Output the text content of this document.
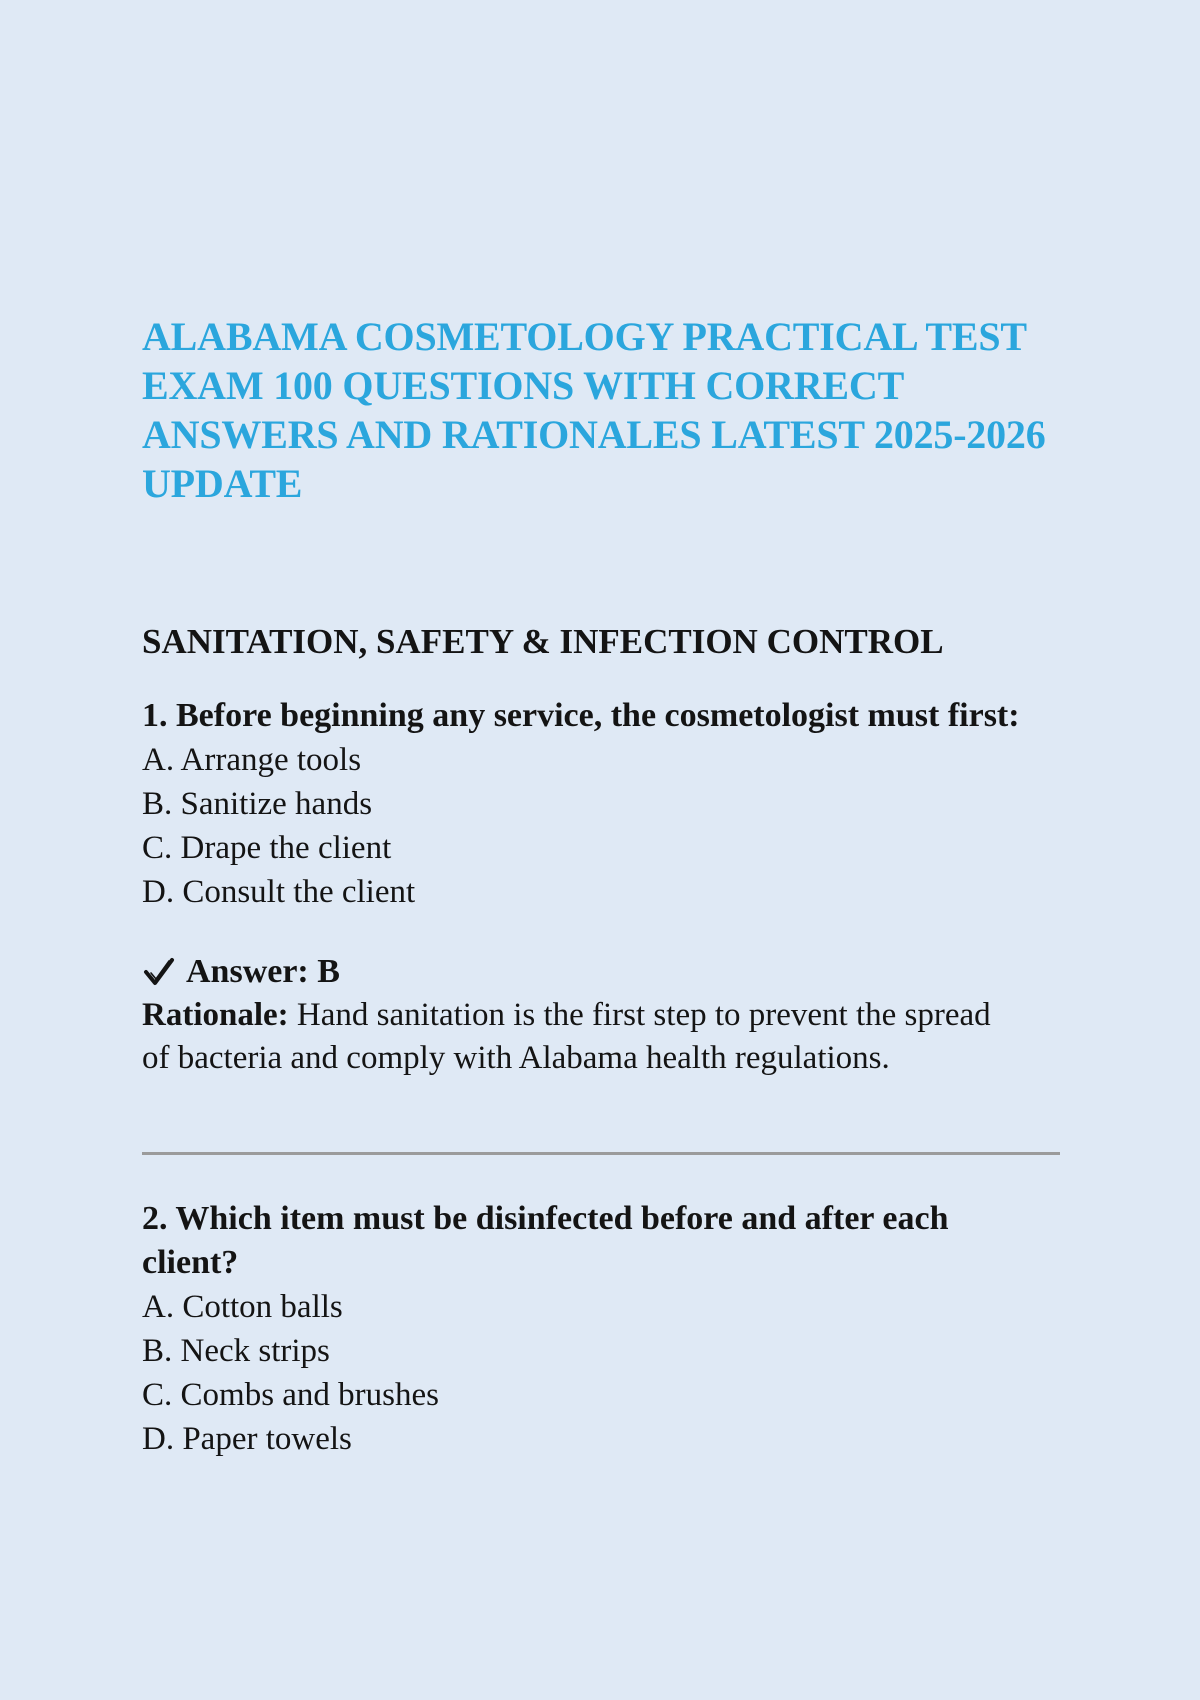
ALABAMA COSMETOLOGY PRACTICAL TEST
EXAM 100 QUESTIONS WITH CORRECT
ANSWERS AND RATIONALES LATEST 2025-2026
UPDATE
SANITATION, SAFETY & INFECTION CONTROL
1. Before beginning any service, the cosmetologist must first:
A. Arrange tools
B. Sanitize hands
C. Drape the client
D. Consult the client
Answer: B
Rationale: Hand sanitation is the first step to prevent the spread
of bacteria and comply with Alabama health regulations.
2. Which item must be disinfected before and after each
client?
A. Cotton balls
B. Neck strips
C. Combs and brushes
D. Paper towels
